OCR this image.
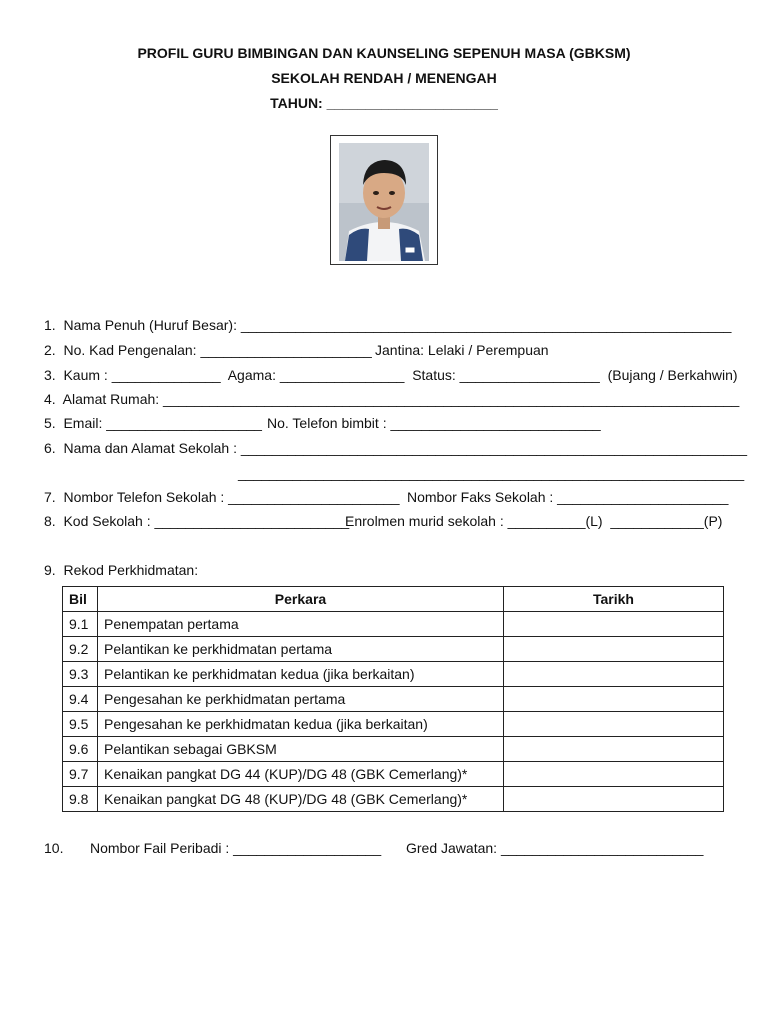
PROFIL GURU BIMBINGAN DAN KAUNSELING SEPENUH MASA (GBKSM)
SEKOLAH RENDAH / MENENGAH
TAHUN: ______________________
1.  Nama Penuh (Huruf Besar): _______________________________________________________________
2.  No. Kad Pengenalan: ______________________ Jantina: Lelaki / Perempuan
3.  Kaum : ______________  Agama: ________________  Status: __________________  (Bujang / Berkahwin)
4.  Alamat Rumah: __________________________________________________________________________
5.  Email: ____________________ No. Telefon bimbit : ___________________________
6.  Nama dan Alamat Sekolah : _________________________________________________________________
_________________________________________________________________
7.  Nombor Telefon Sekolah : ______________________ Nombor Faks Sekolah : ______________________
8.  Kod Sekolah : _________________________
Enrolmen murid sekolah : __________(L)  ____________(P)
9.  Rekod Perkhidmatan:
Bil	Perkara	Tarikh
9.1	Penempatan pertama	
9.2	Pelantikan ke perkhidmatan pertama	
9.3	Pelantikan ke perkhidmatan kedua (jika berkaitan)	
9.4	Pengesahan ke perkhidmatan pertama	
9.5	Pengesahan ke perkhidmatan kedua (jika berkaitan)	
9.6	Pelantikan sebagai GBKSM	
9.7	Kenaikan pangkat DG 44 (KUP)/DG 48 (GBK Cemerlang)*	
9.8	Kenaikan pangkat DG 48 (KUP)/DG 48 (GBK Cemerlang)*	
10. Nombor Fail Peribadi : ___________________ Gred Jawatan: __________________________
